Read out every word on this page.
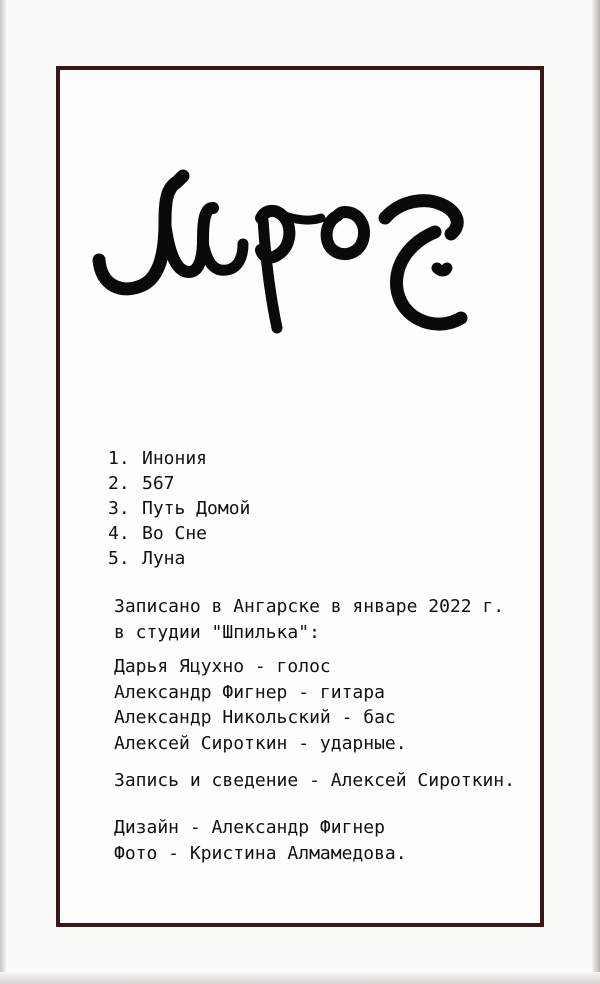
1. Инония
2. 567
3. Путь Домой
4. Во Сне
5. Луна
Записано в Ангарске в январе 2022 г.
в студии "Шпилька":
Дарья Яцухно - голос
Александр Фигнер - гитара
Александр Никольский - бас
Алексей Сироткин - ударные.
Запись и сведение - Алексей Сироткин.
Дизайн - Александр Фигнер
Фото - Кристина Алмамедова.
